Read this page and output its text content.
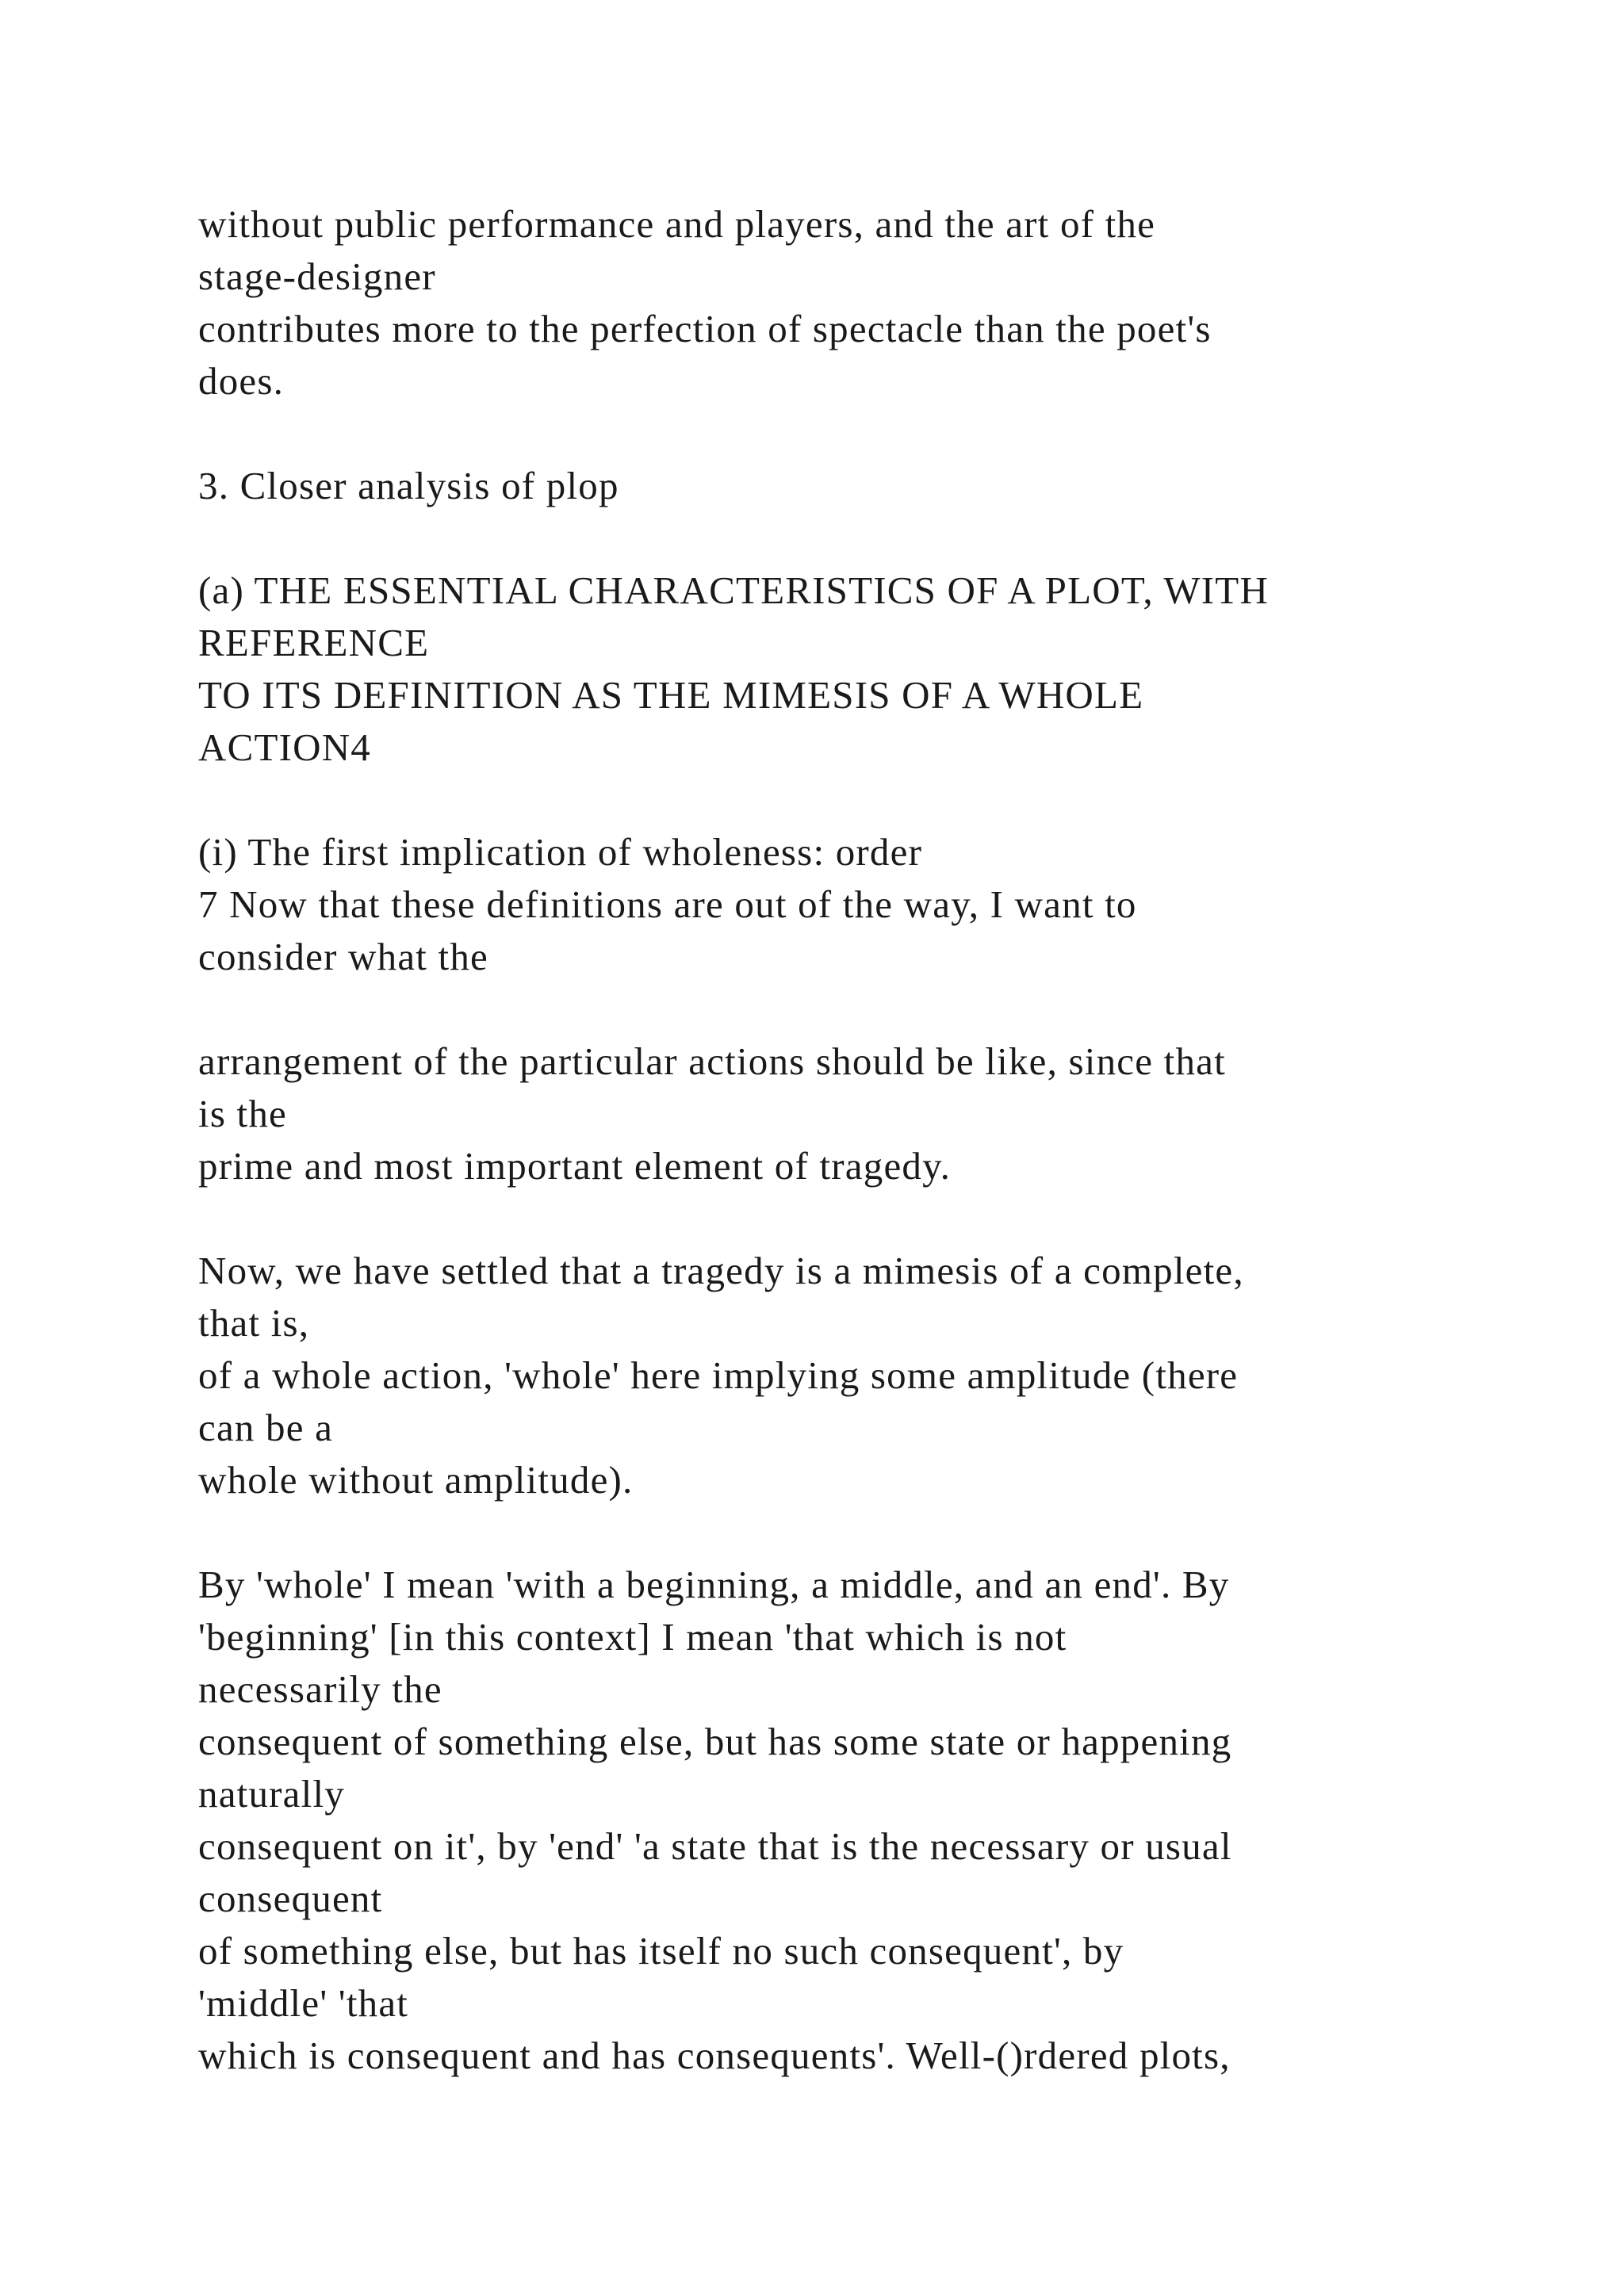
without public performance and players, and the art of the
stage-designer
contributes more to the perfection of spectacle than the poet's
does.
3. Closer analysis of plop
(a) THE ESSENTIAL CHARACTERISTICS OF A PLOT, WITH
REFERENCE
TO ITS DEFINITION AS THE MIMESIS OF A WHOLE
ACTION4
(i) The first implication of wholeness: order
7 Now that these definitions are out of the way, I want to
consider what the
arrangement of the particular actions should be like, since that
is the
prime and most important element of tragedy.
Now, we have settled that a tragedy is a mimesis of a complete,
that is,
of a whole action, 'whole' here implying some amplitude (there
can be a
whole without amplitude).
By 'whole' I mean 'with a beginning, a middle, and an end'. By
'beginning' [in this context] I mean 'that which is not
necessarily the
consequent of something else, but has some state or happening
naturally
consequent on it', by 'end' 'a state that is the necessary or usual
consequent
of something else, but has itself no such consequent', by
'middle' 'that
which is consequent and has consequents'. Well-()rdered plots,
